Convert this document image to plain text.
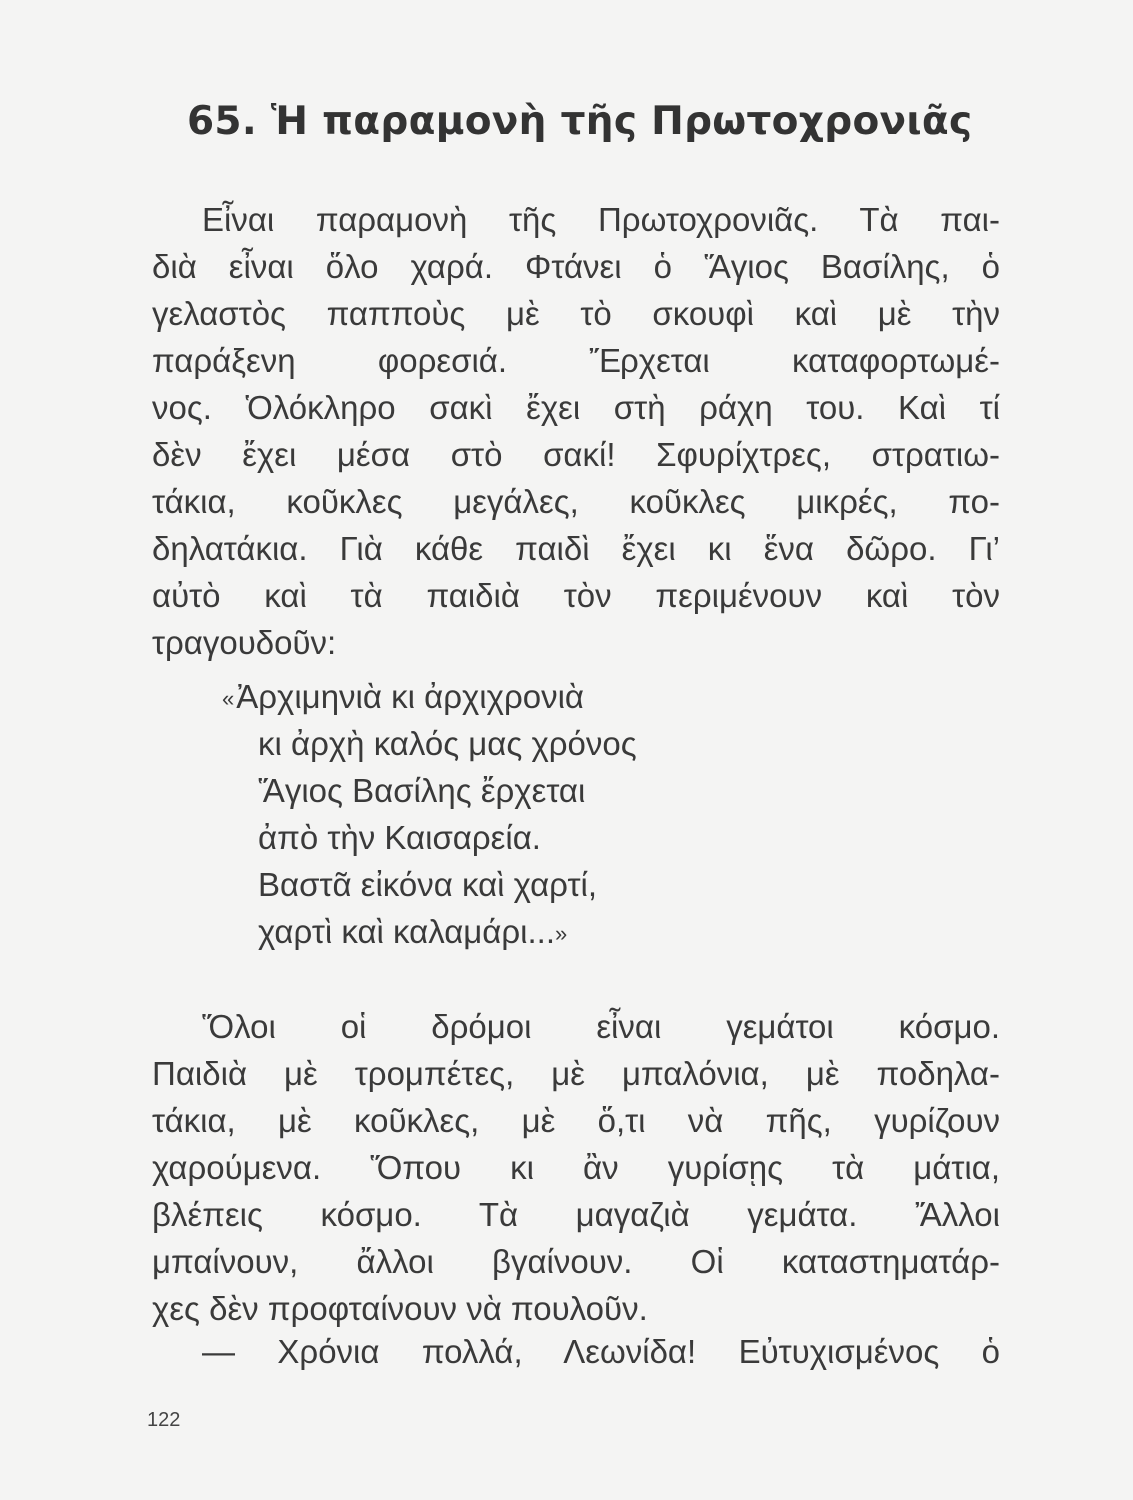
65. Ἡ παραμονὴ τῆς Πρωτοχρονιᾶς
Εἶναι παραμονὴ τῆς Πρωτοχρονιᾶς. Τὰ παι-
διὰ εἶναι ὅλο χαρά. Φτάνει ὁ Ἅγιος Βασίλης, ὁ
γελαστὸς παπποὺς μὲ τὸ σκουφὶ καὶ μὲ τὴν
παράξενη φορεσιά. Ἔρχεται καταφορτωμέ-
νος. Ὁλόκληρο σακὶ ἔχει στὴ ράχη του. Καὶ τί
δὲν ἔχει μέσα στὸ σακί! Σφυρίχτρες, στρατιω-
τάκια, κοῦκλες μεγάλες, κοῦκλες μικρές, πο-
δηλατάκια. Γιὰ κάθε παιδὶ ἔχει κι ἕνα δῶρο. Γι’
αὐτὸ καὶ τὰ παιδιὰ τὸν περιμένουν καὶ τὸν
τραγουδοῦν:
«Ἀρχιμηνιὰ κι ἀρχιχρονιὰ
κι ἀρχὴ καλός μας χρόνος
Ἅγιος Βασίλης ἔρχεται
ἀπὸ τὴν Καισαρεία.
Βαστᾶ εἰκόνα καὶ χαρτί,
χαρτὶ καὶ καλαμάρι...»
Ὅλοι οἱ δρόμοι εἶναι γεμάτοι κόσμο.
Παιδιὰ μὲ τρομπέτες, μὲ μπαλόνια, μὲ ποδηλα-
τάκια, μὲ κοῦκλες, μὲ ὅ,τι νὰ πῆς, γυρίζουν
χαρούμενα. Ὅπου κι ἂν γυρίσῃς τὰ μάτια,
βλέπεις κόσμο. Τὰ μαγαζιὰ γεμάτα. Ἄλλοι
μπαίνουν, ἄλλοι βγαίνουν. Οἱ καταστηματάρ-
χες δὲν προφταίνουν νὰ πουλοῦν.
— Χρόνια πολλά, Λεωνίδα! Εὐτυχισμένος ὁ
122
